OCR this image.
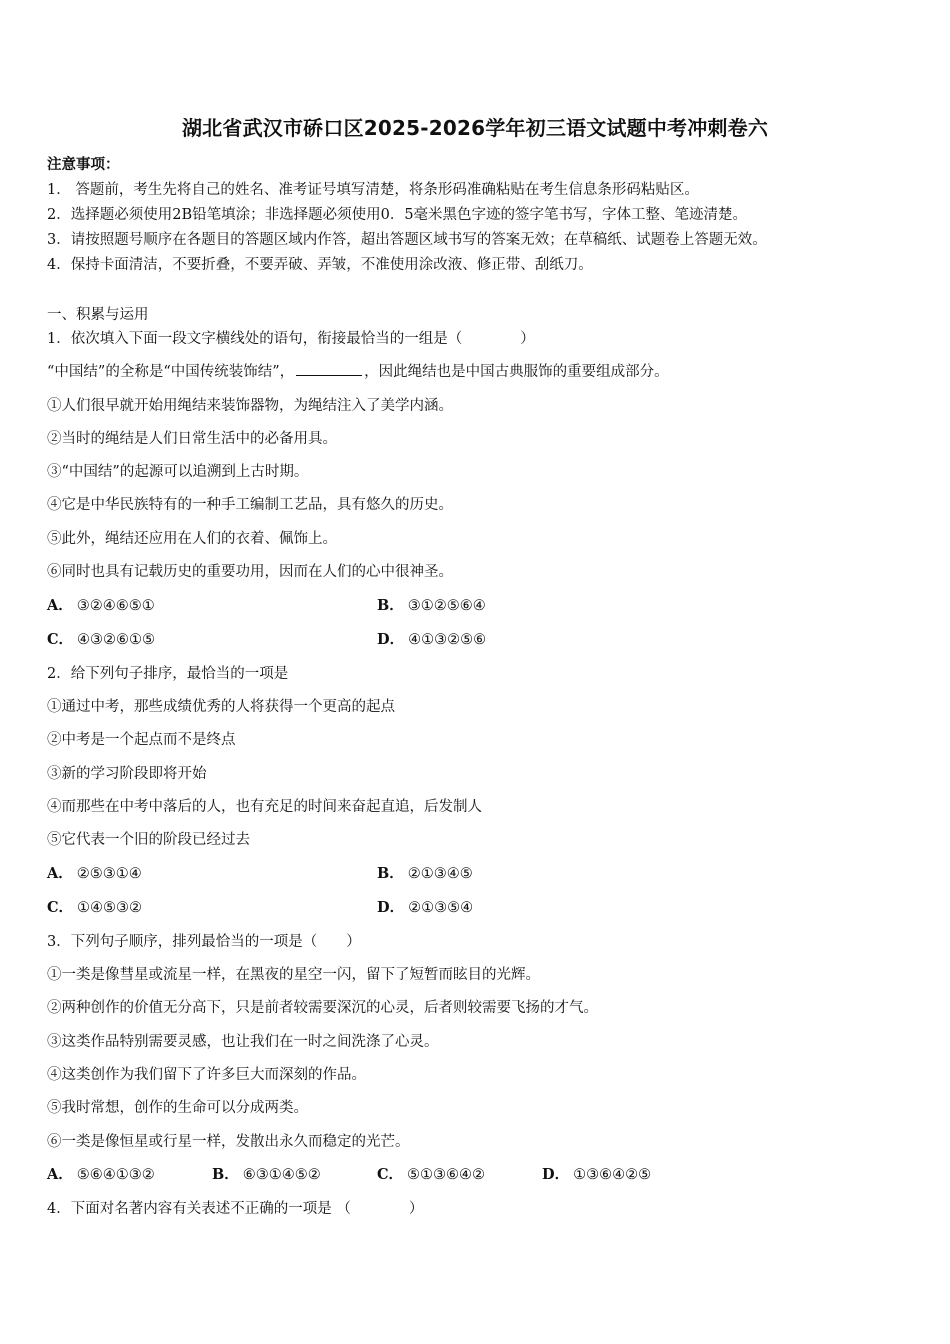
湖北省武汉市硚口区2025-2026学年初三语文试题中考冲刺卷六
注意事项：
1． 答题前，考生先将自己的姓名、准考证号填写清楚，将条形码准确粘贴在考生信息条形码粘贴区。
2．选择题必须使用2B铅笔填涂；非选择题必须使用0．5毫米黑色字迹的签字笔书写，字体工整、笔迹清楚。
3．请按照题号顺序在各题目的答题区域内作答，超出答题区域书写的答案无效；在草稿纸、试题卷上答题无效。
4．保持卡面清洁，不要折叠，不要弄破、弄皱，不准使用涂改液、修正带、刮纸刀。
一、积累与运用
1．依次填入下面一段文字横线处的语句，衔接最恰当的一组是（　　　　）
“中国结”的全称是“中国传统装饰结”，	，因此绳结也是中国古典服饰的重要组成部分。
①人们很早就开始用绳结来装饰器物，为绳结注入了美学内涵。
②当时的绳结是人们日常生活中的必备用具。
③“中国结”的起源可以追溯到上古时期。
④它是中华民族特有的一种手工编制工艺品，具有悠久的历史。
⑤此外，绳结还应用在人们的衣着、佩饰上。
⑥同时也具有记载历史的重要功用，因而在人们的心中很神圣。
A． ③②④⑥⑤①	B． ③①②⑤⑥④
C． ④③②⑥①⑤	D． ④①③②⑤⑥
2．给下列句子排序，最恰当的一项是
①通过中考，那些成绩优秀的人将获得一个更高的起点
②中考是一个起点而不是终点
③新的学习阶段即将开始
④而那些在中考中落后的人，也有充足的时间来奋起直追，后发制人
⑤它代表一个旧的阶段已经过去
A． ②⑤③①④	B． ②①③④⑤
C． ①④⑤③②	D． ②①③⑤④
3．下列句子顺序，排列最恰当的一项是（　　）
①一类是像彗星或流星一样，在黑夜的星空一闪，留下了短暂而眩目的光辉。
②两种创作的价值无分高下，只是前者较需要深沉的心灵，后者则较需要飞扬的才气。
③这类作品特别需要灵感，也让我们在一时之间洗涤了心灵。
④这类创作为我们留下了许多巨大而深刻的作品。
⑤我时常想，创作的生命可以分成两类。
⑥一类是像恒星或行星一样，发散出永久而稳定的光芒。
A． ⑤⑥④①③②	B． ⑥③①④⑤②	C． ⑤①③⑥④②	D． ①③⑥④②⑤
4．下面对名著内容有关表述不正确的一项是 （　　　　）
